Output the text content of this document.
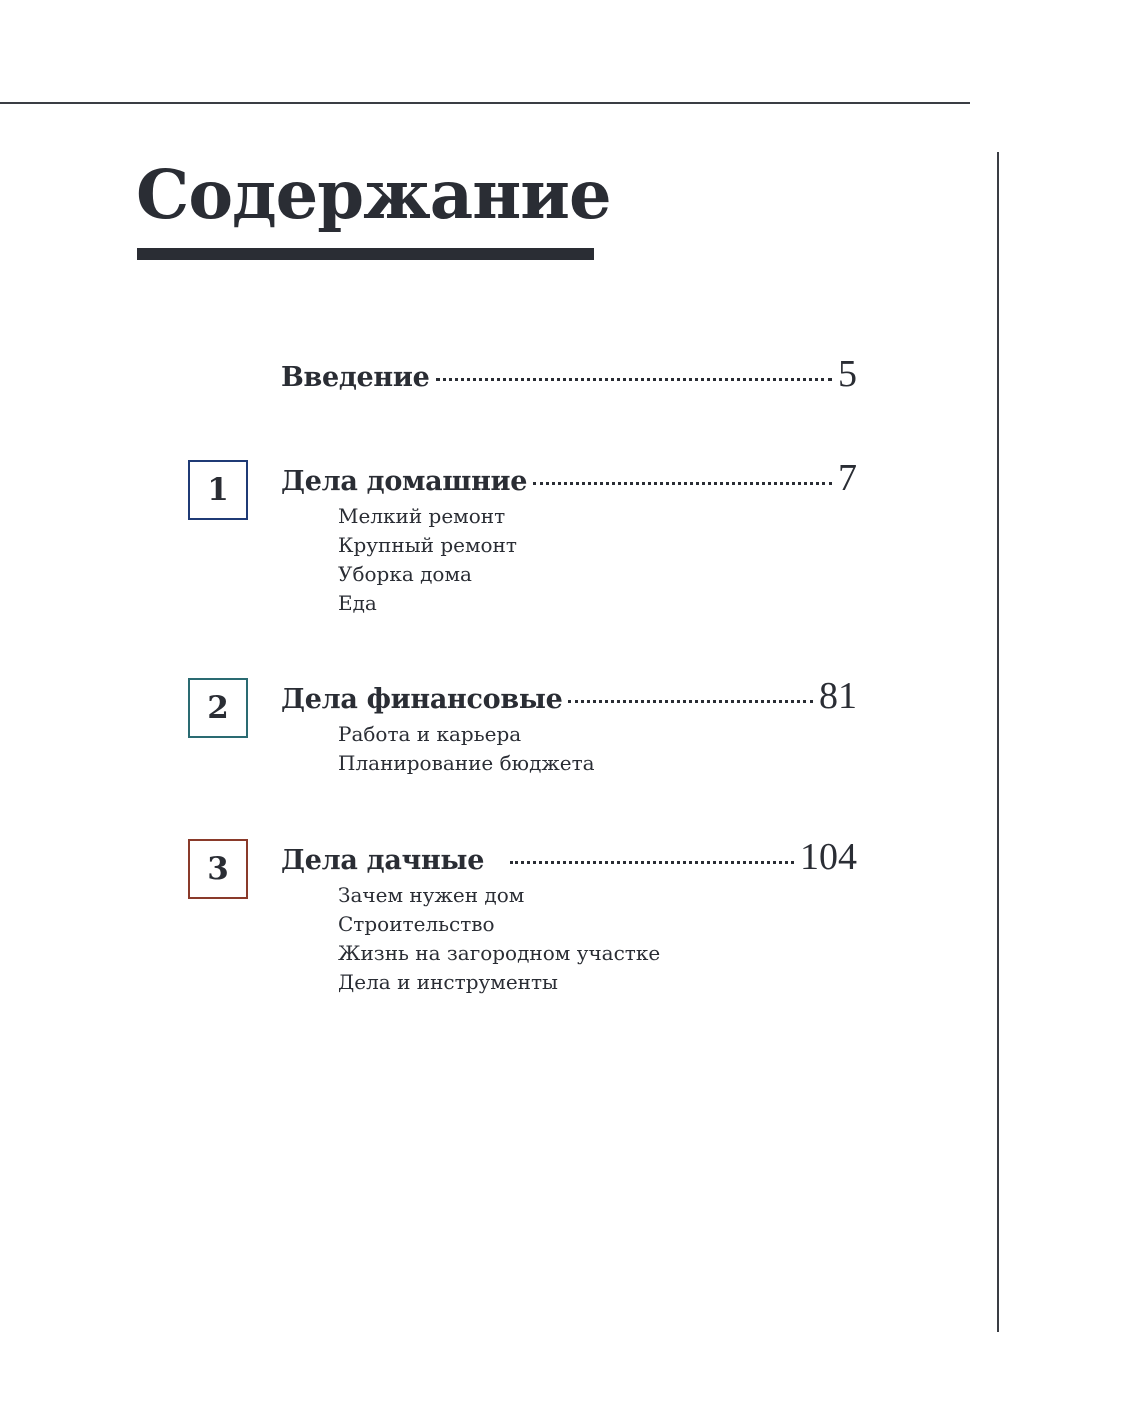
Содержание
Введение	5
1	Дела домашние	7
Мелкий ремонт
Крупный ремонт
Уборка дома
Еда
2	Дела финансовые	81
Работа и карьера
Планирование бюджета
3	Дела дачные	104
Зачем нужен дом
Строительство
Жизнь на загородном участке
Дела и инструменты
